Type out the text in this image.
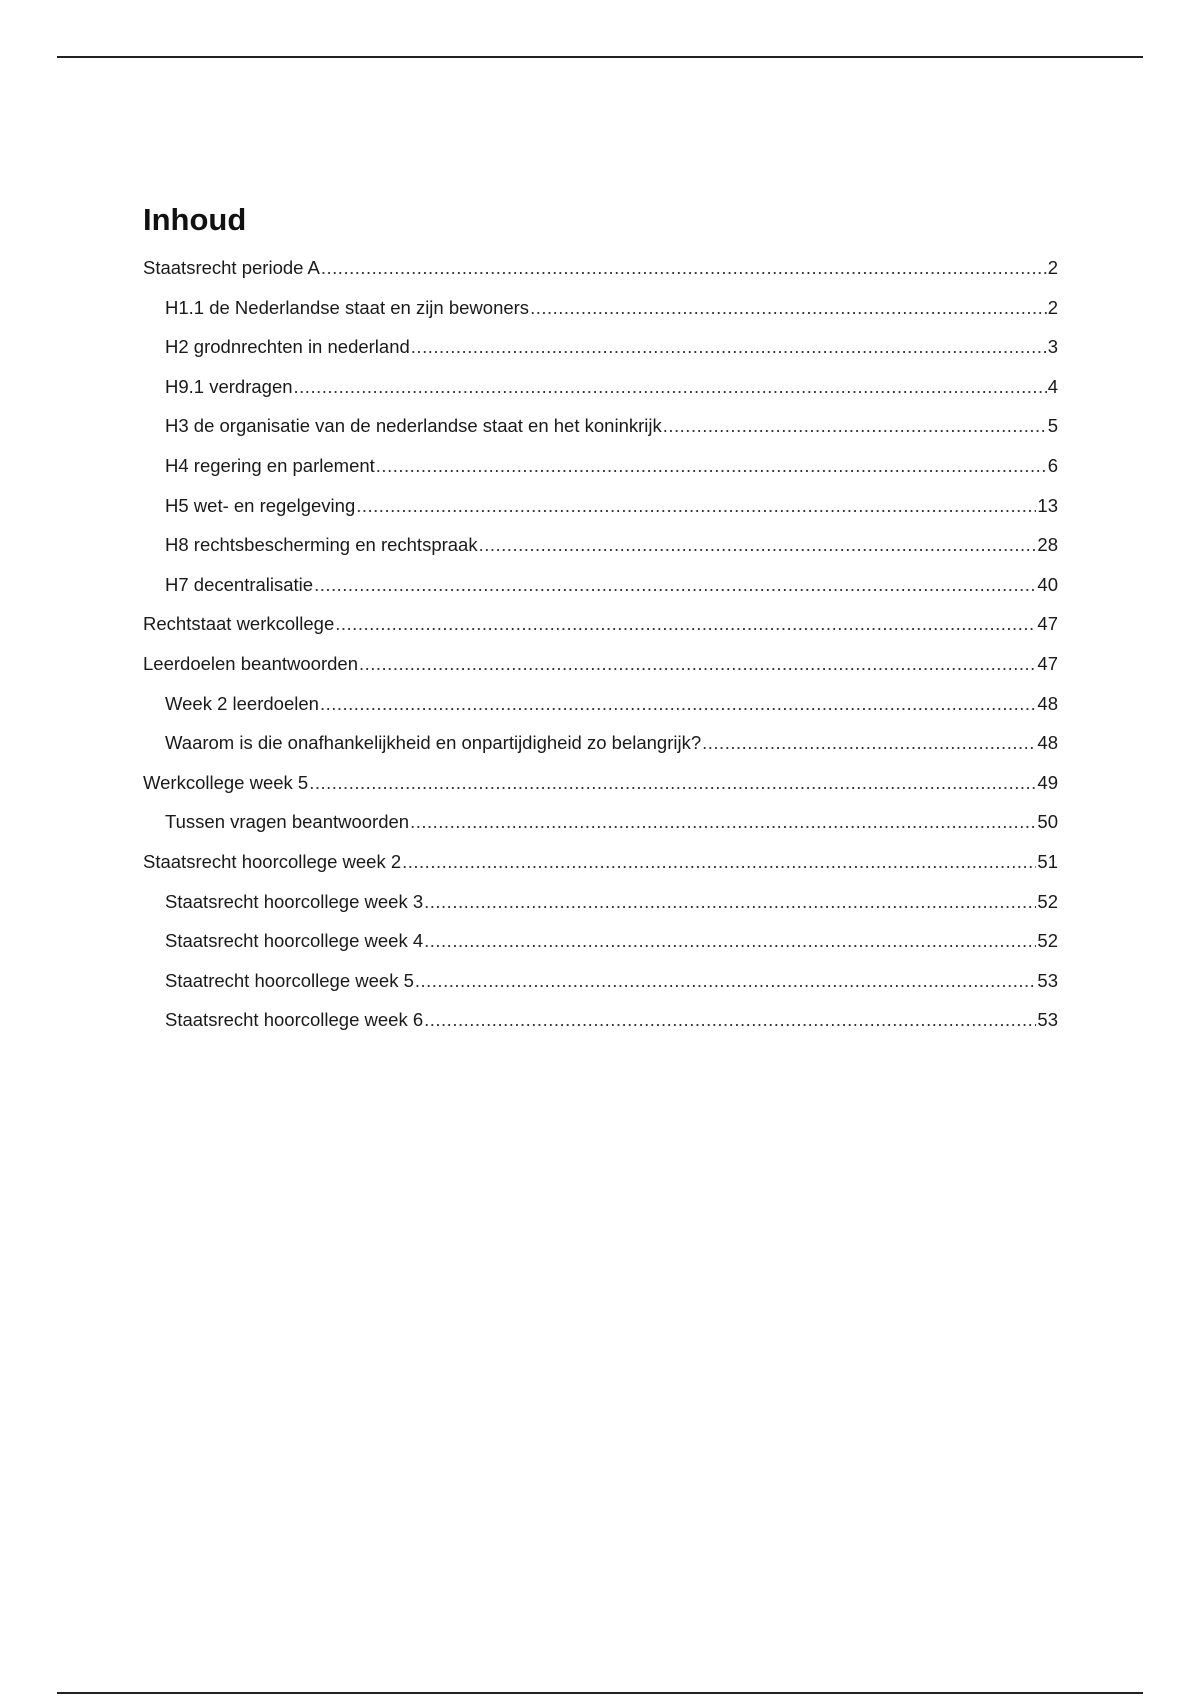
Inhoud
Staatsrecht periode A .....	2
H1.1 de Nederlandse staat en zijn bewoners .....	2
H2 grodnrechten in nederland .....	3
H9.1 verdragen .....	4
H3 de organisatie van de nederlandse staat en het koninkrijk .....	5
H4 regering en parlement .....	6
H5 wet- en regelgeving .....	13
H8 rechtsbescherming en rechtspraak .....	28
H7 decentralisatie .....	40
Rechtstaat werkcollege .....	47
Leerdoelen beantwoorden .....	47
Week 2 leerdoelen .....	48
Waarom is die onafhankelijkheid en onpartijdigheid zo belangrijk? .....	48
Werkcollege week 5 .....	49
Tussen vragen beantwoorden .....	50
Staatsrecht hoorcollege week 2 .....	51
Staatsrecht hoorcollege week 3 .....	52
Staatsrecht hoorcollege week 4 .....	52
Staatrecht hoorcollege week 5 .....	53
Staatsrecht hoorcollege week 6 .....	53
